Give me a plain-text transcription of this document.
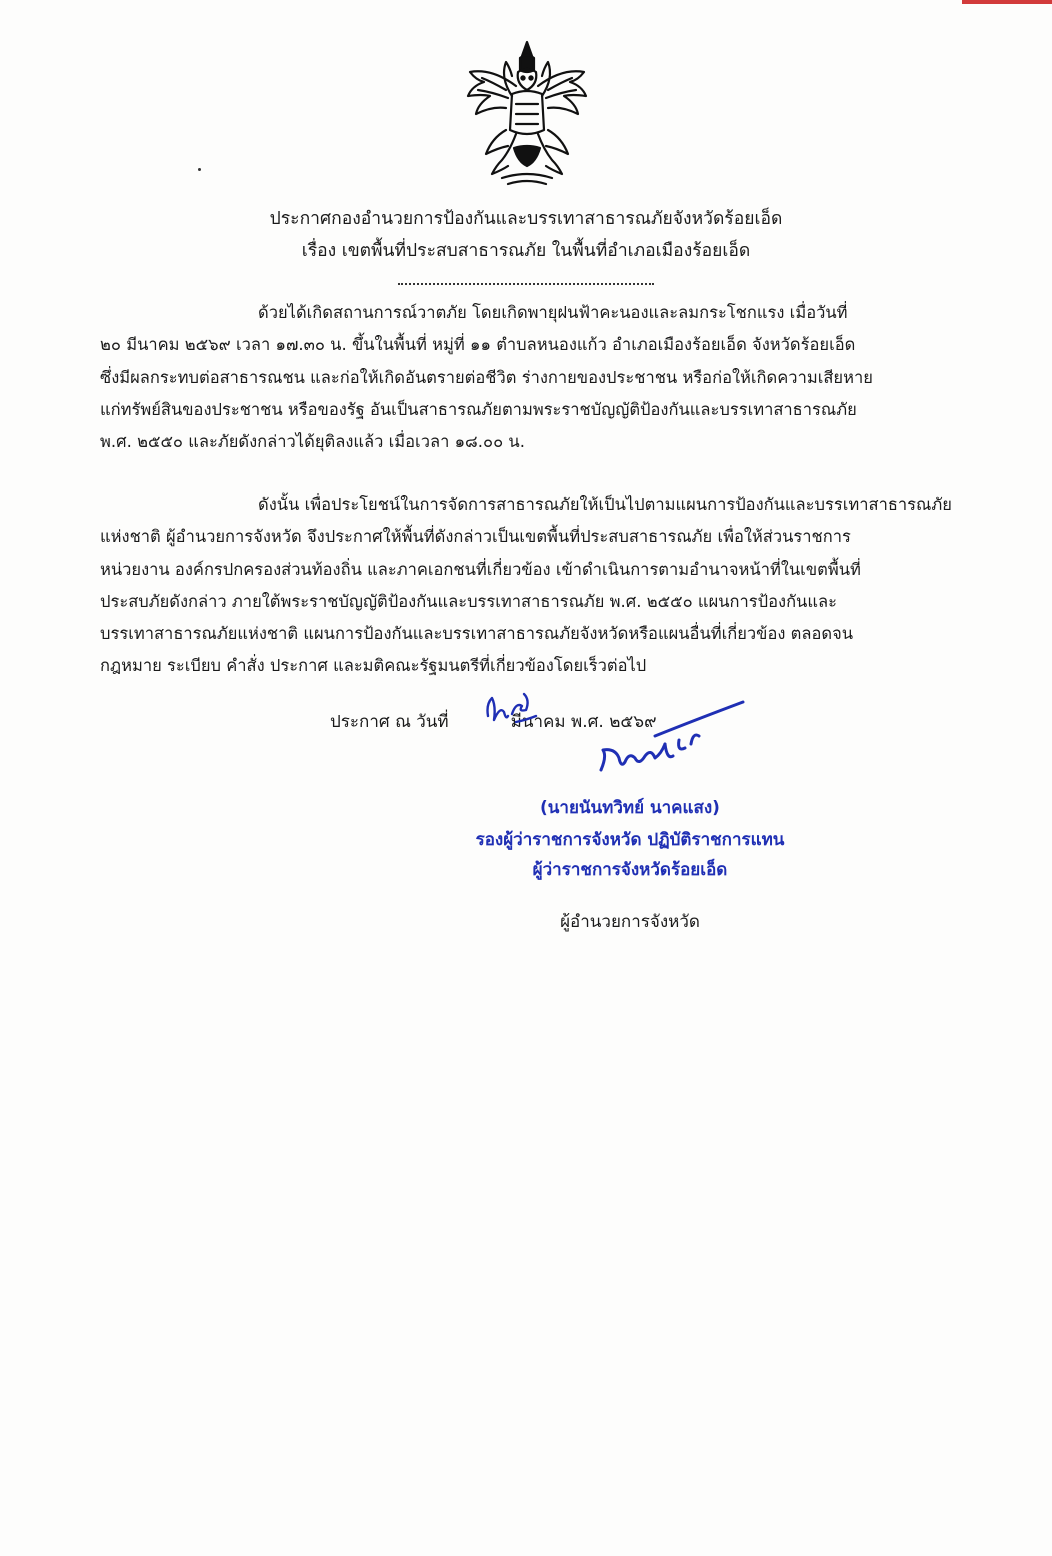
ประกาศกองอำนวยการป้องกันและบรรเทาสาธารณภัยจังหวัดร้อยเอ็ด
เรื่อง เขตพื้นที่ประสบสาธารณภัย ในพื้นที่อำเภอเมืองร้อยเอ็ด
ด้วยได้เกิดสถานการณ์วาตภัย โดยเกิดพายุฝนฟ้าคะนองและลมกระโชกแรง เมื่อวันที่
๒๐ มีนาคม ๒๕๖๙ เวลา ๑๗.๓๐ น. ขึ้นในพื้นที่ หมู่ที่ ๑๑ ตำบลหนองแก้ว อำเภอเมืองร้อยเอ็ด จังหวัดร้อยเอ็ด
ซึ่งมีผลกระทบต่อสาธารณชน และก่อให้เกิดอันตรายต่อชีวิต ร่างกายของประชาชน หรือก่อให้เกิดความเสียหาย
แก่ทรัพย์สินของประชาชน หรือของรัฐ อันเป็นสาธารณภัยตามพระราชบัญญัติป้องกันและบรรเทาสาธารณภัย
พ.ศ. ๒๕๕๐ และภัยดังกล่าวได้ยุติลงแล้ว เมื่อเวลา ๑๘.๐๐ น.
ดังนั้น เพื่อประโยชน์ในการจัดการสาธารณภัยให้เป็นไปตามแผนการป้องกันและบรรเทาสาธารณภัย
แห่งชาติ ผู้อำนวยการจังหวัด จึงประกาศให้พื้นที่ดังกล่าวเป็นเขตพื้นที่ประสบสาธารณภัย เพื่อให้ส่วนราชการ
หน่วยงาน องค์กรปกครองส่วนท้องถิ่น และภาคเอกชนที่เกี่ยวข้อง เข้าดำเนินการตามอำนาจหน้าที่ในเขตพื้นที่
ประสบภัยดังกล่าว ภายใต้พระราชบัญญัติป้องกันและบรรเทาสาธารณภัย พ.ศ. ๒๕๕๐ แผนการป้องกันและ
บรรเทาสาธารณภัยแห่งชาติ แผนการป้องกันและบรรเทาสาธารณภัยจังหวัดหรือแผนอื่นที่เกี่ยวข้อง ตลอดจน
กฎหมาย ระเบียบ คำสั่ง ประกาศ และมติคณะรัฐมนตรีที่เกี่ยวข้องโดยเร็วต่อไป
ประกาศ ณ วันที่	มีนาคม พ.ศ. ๒๕๖๙
(นายนันทวิทย์ นาคแสง)
รองผู้ว่าราชการจังหวัด ปฏิบัติราชการแทน
ผู้ว่าราชการจังหวัดร้อยเอ็ด
ผู้อำนวยการจังหวัด
